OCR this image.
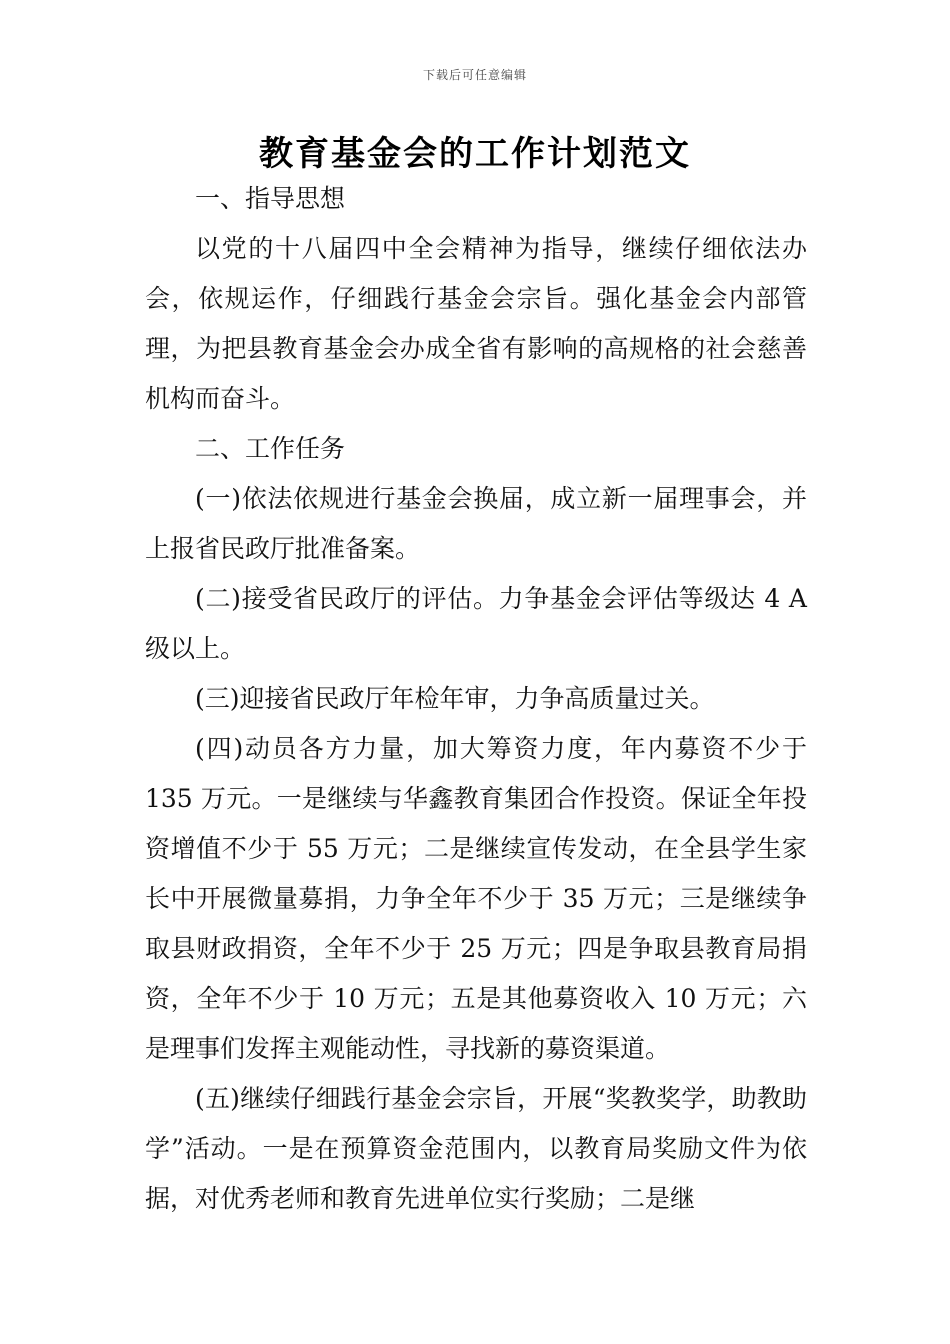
下载后可任意编辑
教育基金会的工作计划范文

一、指导思想

以党的十八届四中全会精神为指导，继续仔细依法办会，依规运作，仔细践行基金会宗旨。强化基金会内部管理，为把县教育基金会办成全省有影响的高规格的社会慈善机构而奋斗。

二、工作任务

(一)依法依规进行基金会换届，成立新一届理事会，并上报省民政厅批准备案。

(二)接受省民政厅的评估。力争基金会评估等级达 4 A 级以上。

(三)迎接省民政厅年检年审，力争高质量过关。

(四)动员各方力量，加大筹资力度，年内募资不少于135 万元。一是继续与华鑫教育集团合作投资。保证全年投资增值不少于 55 万元；二是继续宣传发动，在全县学生家长中开展微量募捐，力争全年不少于 35 万元；三是继续争取县财政捐资，全年不少于 25 万元；四是争取县教育局捐资，全年不少于 10 万元；五是其他募资收入 10 万元；六是理事们发挥主观能动性，寻找新的募资渠道。

(五)继续仔细践行基金会宗旨，开展“奖教奖学，助教助学”活动。一是在预算资金范围内，以教育局奖励文件为依据，对优秀老师和教育先进单位实行奖励；二是继
